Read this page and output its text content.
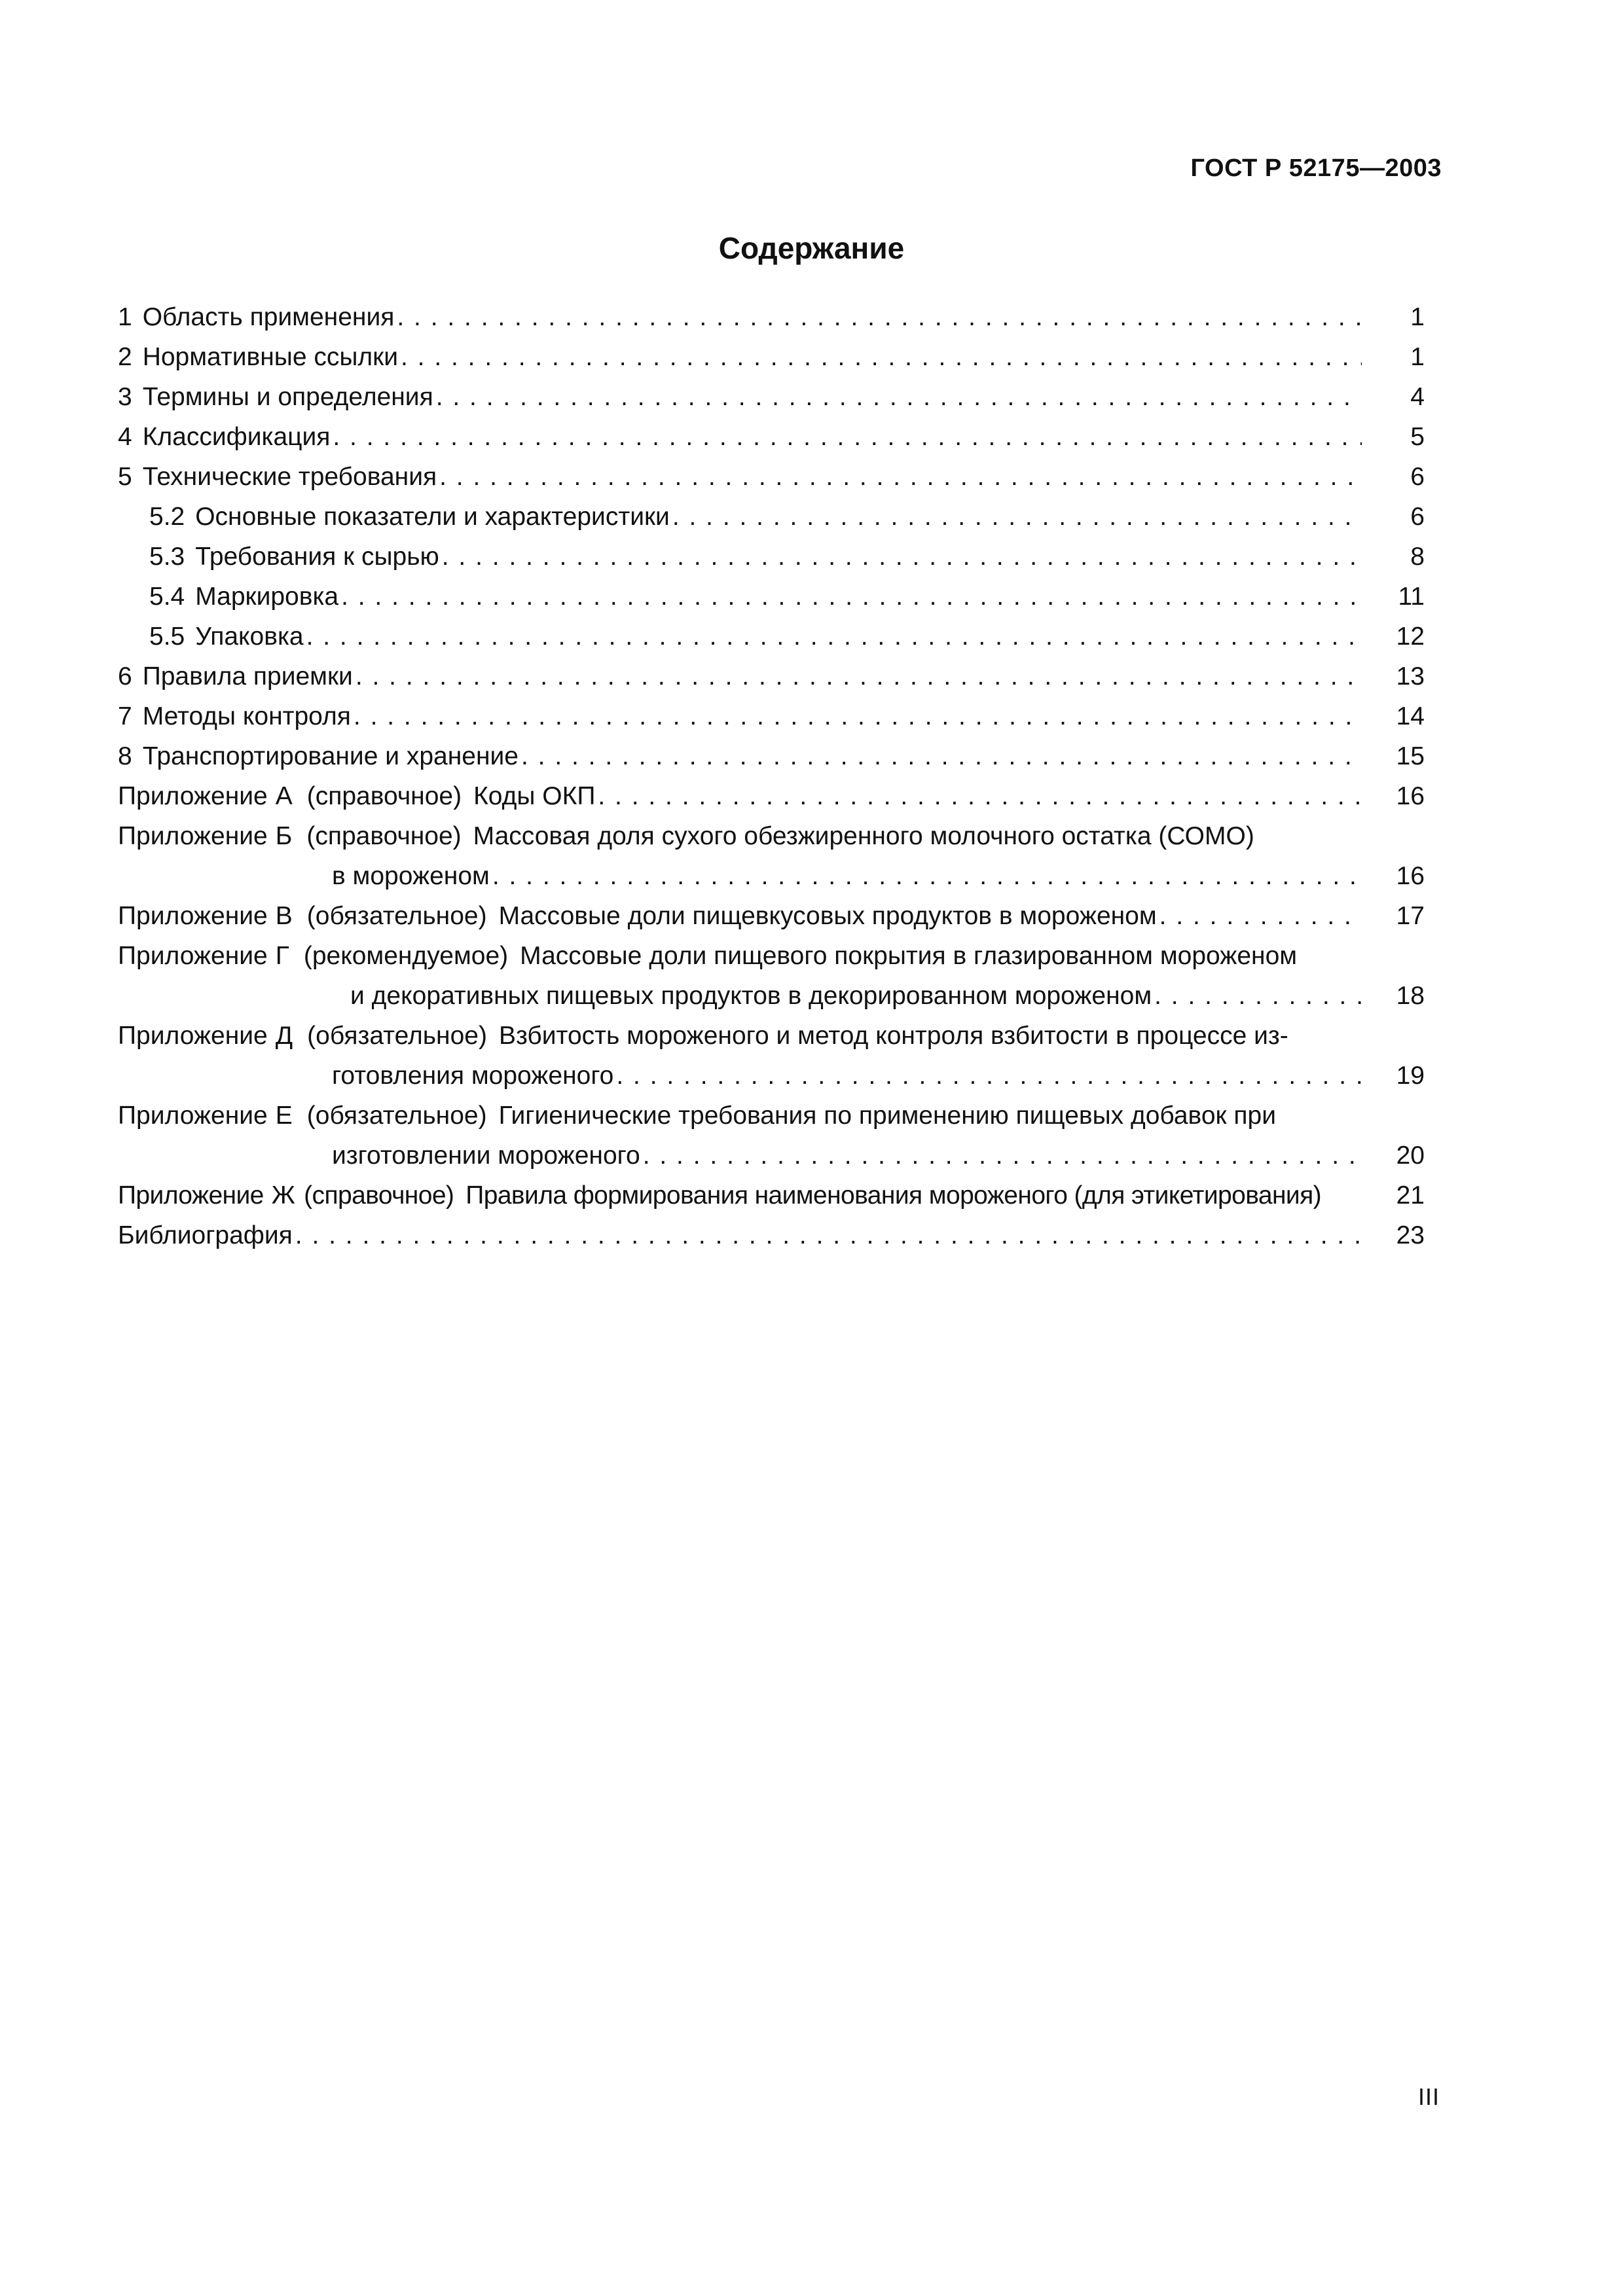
ГОСТ Р 52175—2003
Содержание
1 Область применения . . .	1
2 Нормативные ссылки . . .	1
3 Термины и определения . . .	4
4 Классификация . . .	5
5 Технические требования . . .	6
5.2 Основные показатели и характеристики . . .	6
5.3 Требования к сырью . . .	8
5.4 Маркировка . . .	11
5.5 Упаковка . . .	12
6 Правила приемки . . .	13
7 Методы контроля . . .	14
8 Транспортирование и хранение . . .	15
Приложение А (справочное) Коды ОКП . . .	16
Приложение Б (справочное) Массовая доля сухого обезжиренного молочного остатка (СОМО)
в мороженом . . .	16
Приложение В (обязательное) Массовые доли пищевкусовых продуктов в мороженом . . .	17
Приложение Г (рекомендуемое) Массовые доли пищевого покрытия в глазированном мороженом
и декоративных пищевых продуктов в декорированном мороженом . . .	18
Приложение Д (обязательное) Взбитость мороженого и метод контроля взбитости в процессе из-
готовления мороженого . . .	19
Приложение Е (обязательное) Гигиенические требования по применению пищевых добавок при
изготовлении мороженого . . .	20
Приложение Ж (справочное) Правила формирования наименования мороженого (для этикетирования)	21
Библиография . . .	23
III
